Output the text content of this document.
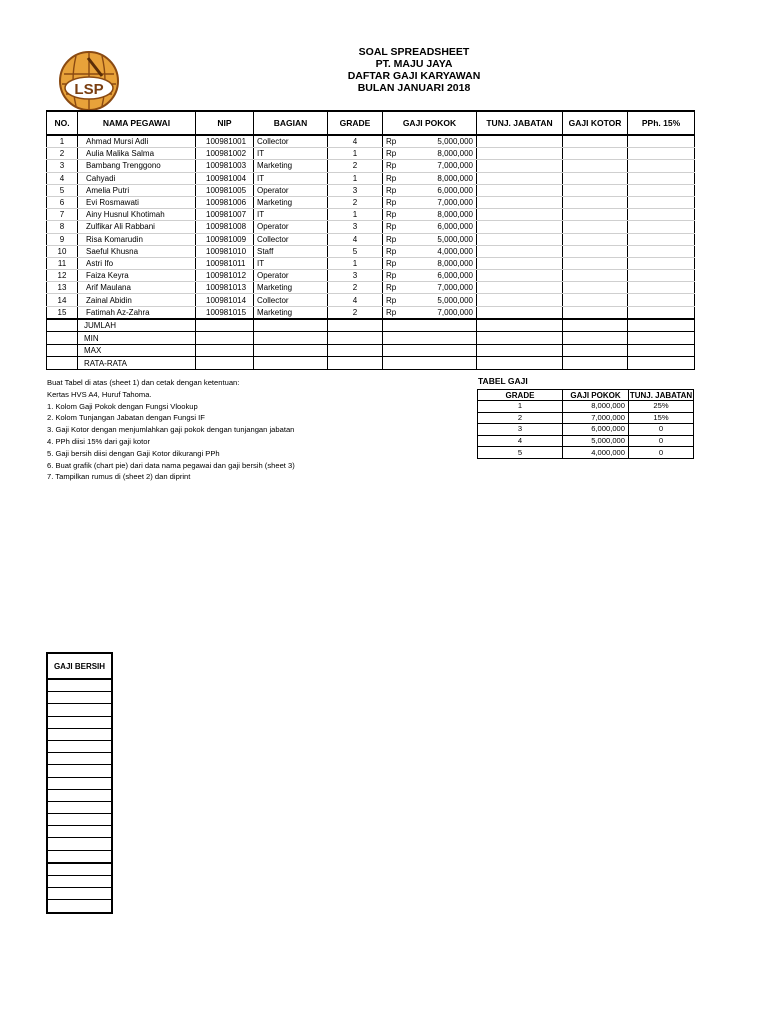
LSP
SOAL SPREADSHEET
PT. MAJU JAYA
DAFTAR GAJI KARYAWAN
BULAN JANUARI 2018
NO.	NAMA PEGAWAI	NIP	BAGIAN	GRADE	GAJI POKOK	TUNJ. JABATAN	GAJI KOTOR	PPh. 15%
1	Ahmad Mursi Adli	100981001	Collector	4	Rp 5,000,000			

2	Aulia Malika Salma	100981002	IT	1	Rp 8,000,000			

3	Bambang Trenggono	100981003	Marketing	2	Rp 7,000,000			

4	Cahyadi	100981004	IT	1	Rp 8,000,000			

5	Amelia Putri	100981005	Operator	3	Rp 6,000,000			

6	Evi Rosmawati	100981006	Marketing	2	Rp 7,000,000			

7	Ainy Husnul Khotimah	100981007	IT	1	Rp 8,000,000			

8	Zulfikar Ali Rabbani	100981008	Operator	3	Rp 6,000,000			

9	Risa Komarudin	100981009	Collector	4	Rp 5,000,000			

10	Saeful Khusna	100981010	Staff	5	Rp 4,000,000			

11	Astri Ifo	100981011	IT	1	Rp 8,000,000			

12	Faiza Keyra	100981012	Operator	3	Rp 6,000,000			

13	Arif Maulana	100981013	Marketing	2	Rp 7,000,000			

14	Zainal Abidin	100981014	Collector	4	Rp 5,000,000			

15	Fatimah Az-Zahra	100981015	Marketing	2	Rp 7,000,000			

	JUMLAH							
	MIN							
	MAX							
	RATA-RATA							
Buat Tabel di atas (sheet 1) dan cetak dengan ketentuan:
Kertas HVS A4, Huruf Tahoma.
1. Kolom Gaji Pokok dengan Fungsi Vlookup
2. Kolom Tunjangan Jabatan dengan Fungsi IF
3. Gaji Kotor dengan menjumlahkan gaji pokok dengan tunjangan jabatan
4. PPh diisi 15% dari gaji kotor
5. Gaji bersih diisi dengan Gaji Kotor dikurangi PPh
6. Buat grafik (chart pie) dari data nama pegawai dan gaji bersih (sheet 3)
7. Tampilkan rumus di (sheet 2) dan diprint
TABEL GAJI
GRADE	GAJI POKOK	TUNJ. JABATAN
1	8,000,000	25%
2	7,000,000	15%
3	6,000,000	0
4	5,000,000	0
5	4,000,000	0
GAJI BERSIH
